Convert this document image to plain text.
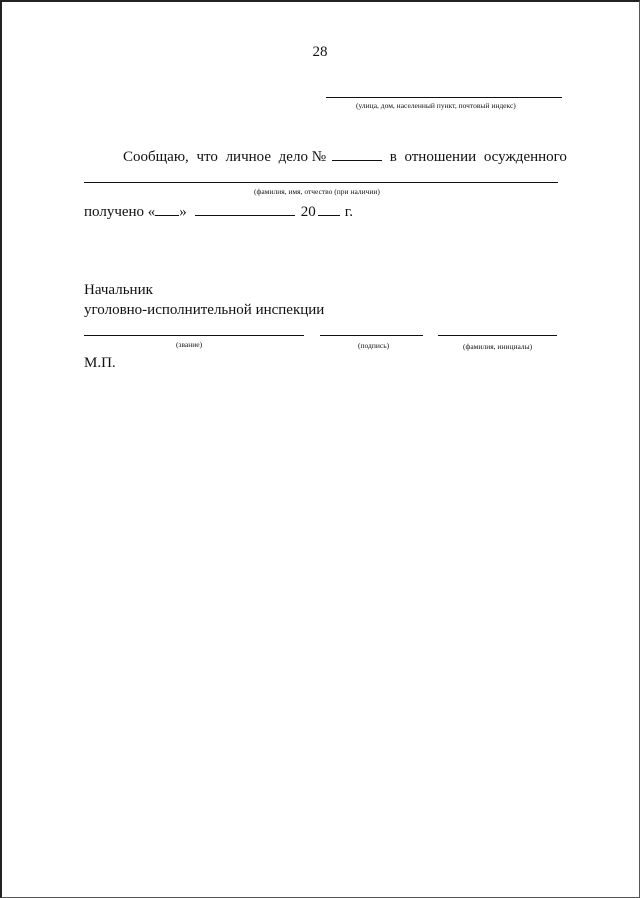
28
(улица, дом, населенный пункт, почтовый индекс)
Сообщаю, что личное дело №	в отношении осужденного
(фамилия, имя, отчество (при наличии)
получено « »	20 г.
Начальник
уголовно-исполнительной инспекции
(звание)	(подпись)	(фамилия, инициалы)
М.П.
